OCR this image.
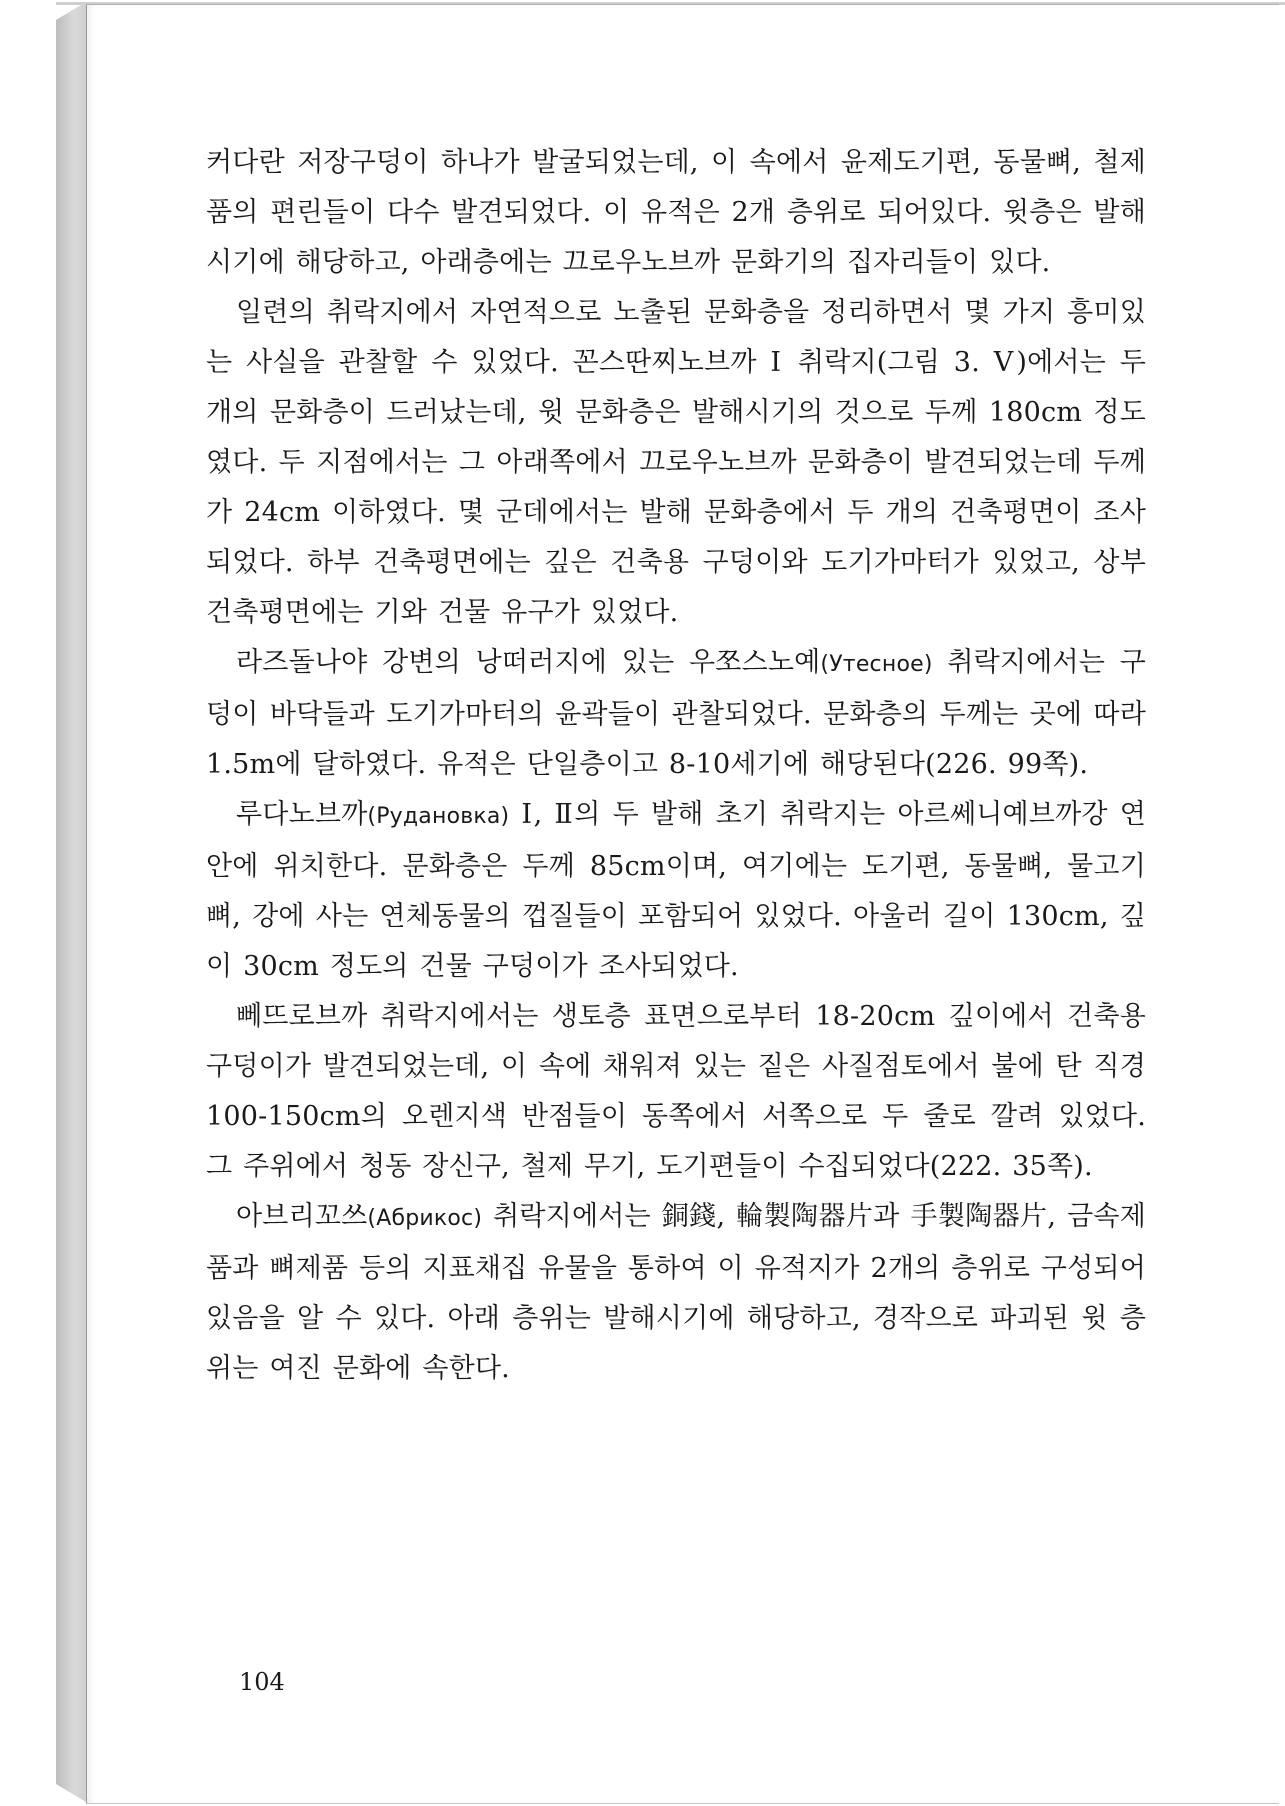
커다란 저장구덩이 하나가 발굴되었는데, 이 속에서 윤제도기편, 동물뼈, 철제품의 편린들이 다수 발견되었다. 이 유적은 2개 층위로 되어있다. 윗층은 발해시기에 해당하고, 아래층에는 끄로우노브까 문화기의 집자리들이 있다.

일련의 취락지에서 자연적으로 노출된 문화층을 정리하면서 몇 가지 흥미있는 사실을 관찰할 수 있었다. 꼰스딴찌노브까 Ⅰ 취락지(그림 3. Ⅴ)에서는 두 개의 문화층이 드러났는데, 윗 문화층은 발해시기의 것으로 두께 180cm 정도였다. 두 지점에서는 그 아래쪽에서 끄로우노브까 문화층이 발견되었는데 두께가 24cm 이하였다. 몇 군데에서는 발해 문화층에서 두 개의 건축평면이 조사되었다. 하부 건축평면에는 깊은 건축용 구덩이와 도기가마터가 있었고, 상부 건축평면에는 기와 건물 유구가 있었다.

라즈돌나야 강변의 낭떠러지에 있는 우쪼스노예(Утесное) 취락지에서는 구덩이 바닥들과 도기가마터의 윤곽들이 관찰되었다. 문화층의 두께는 곳에 따라 1.5m에 달하였다. 유적은 단일층이고 8-10세기에 해당된다(226. 99쪽).

루다노브까(Рудановка) Ⅰ, Ⅱ의 두 발해 초기 취락지는 아르쎄니예브까강 연안에 위치한다. 문화층은 두께 85cm이며, 여기에는 도기편, 동물뼈, 물고기뼈, 강에 사는 연체동물의 껍질들이 포함되어 있었다. 아울러 길이 130cm, 깊이 30cm 정도의 건물 구덩이가 조사되었다.

뻬뜨로브까 취락지에서는 생토층 표면으로부터 18-20cm 깊이에서 건축용 구덩이가 발견되었는데, 이 속에 채워져 있는 짙은 사질점토에서 불에 탄 직경 100-150cm의 오렌지색 반점들이 동쪽에서 서쪽으로 두 줄로 깔려 있었다. 그 주위에서 청동 장신구, 철제 무기, 도기편들이 수집되었다(222. 35쪽).

아브리꼬쓰(Абрикос) 취락지에서는 銅錢, 輪製陶器片과 手製陶器片, 금속제품과 뼈제품 등의 지표채집 유물을 통하여 이 유적지가 2개의 층위로 구성되어 있음을 알 수 있다. 아래 층위는 발해시기에 해당하고, 경작으로 파괴된 윗 층위는 여진 문화에 속한다.

104
